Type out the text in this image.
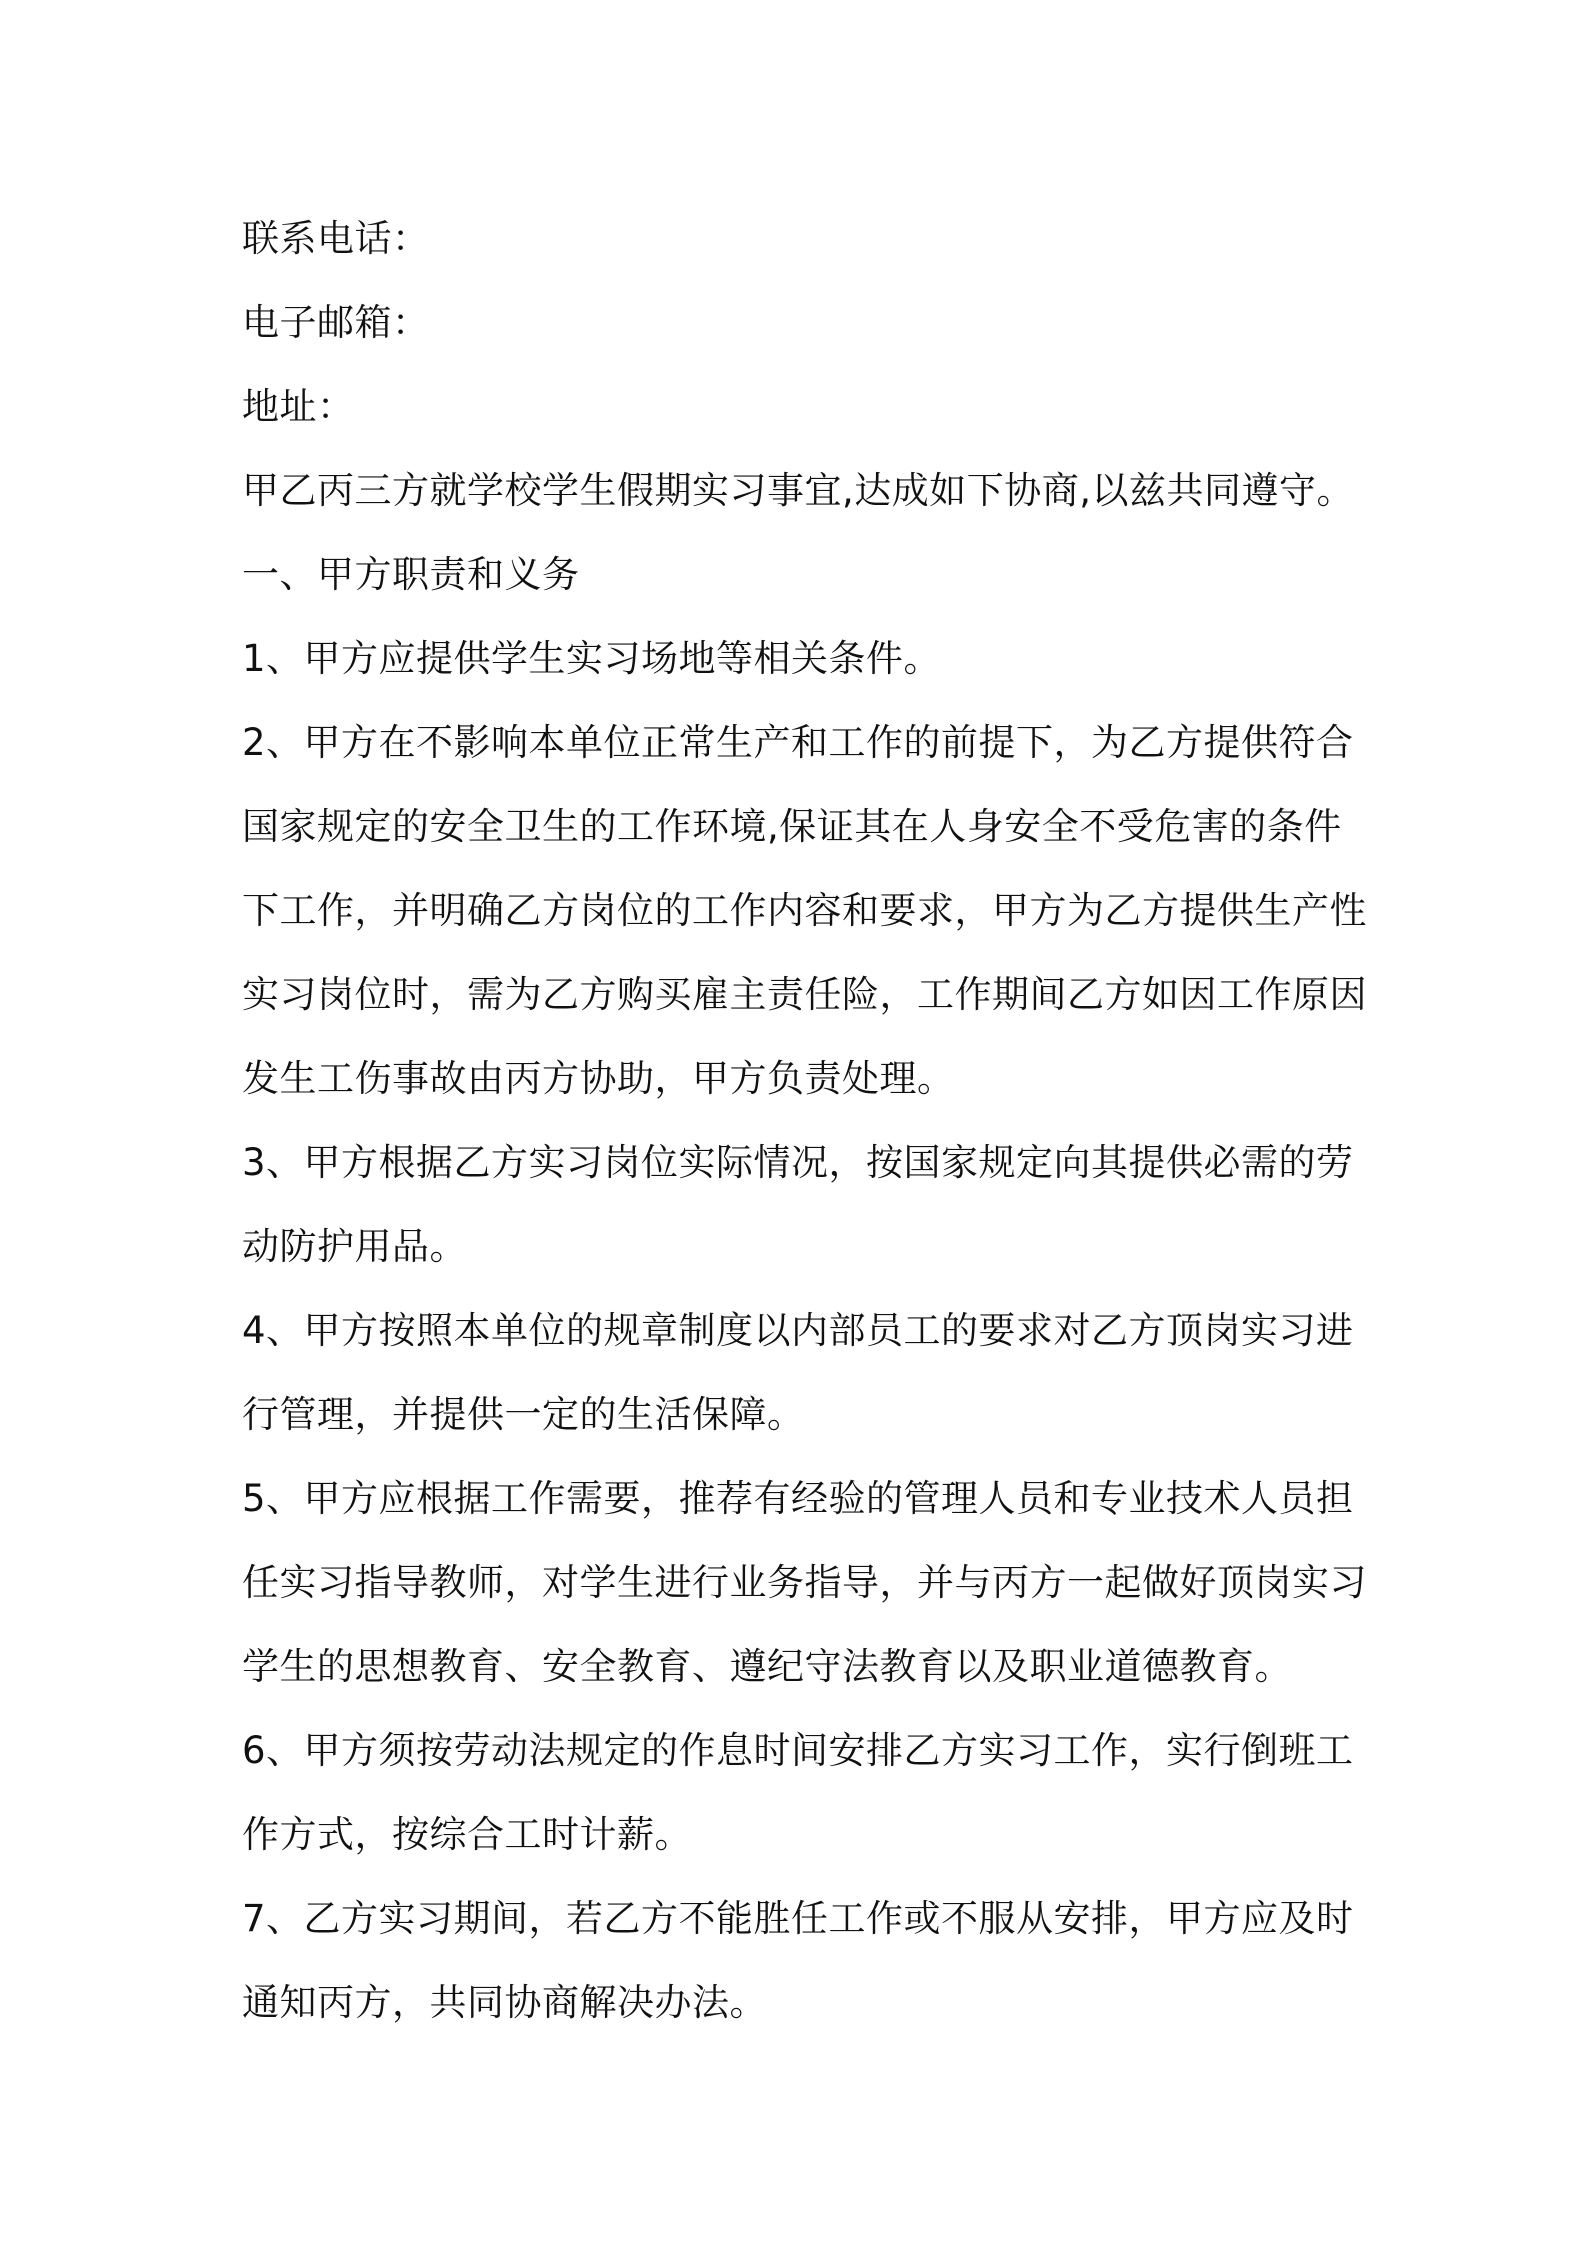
联系电话：

电子邮箱：

地址：

甲乙丙三方就学校学生假期实习事宜,达成如下协商,以兹共同遵守。

一、甲方职责和义务

1、甲方应提供学生实习场地等相关条件。

2、甲方在不影响本单位正常生产和工作的前提下，为乙方提供符合

国家规定的安全卫生的工作环境,保证其在人身安全不受危害的条件

下工作，并明确乙方岗位的工作内容和要求，甲方为乙方提供生产性

实习岗位时，需为乙方购买雇主责任险，工作期间乙方如因工作原因

发生工伤事故由丙方协助，甲方负责处理。

3、甲方根据乙方实习岗位实际情况，按国家规定向其提供必需的劳

动防护用品。

4、甲方按照本单位的规章制度以内部员工的要求对乙方顶岗实习进

行管理，并提供一定的生活保障。

5、甲方应根据工作需要，推荐有经验的管理人员和专业技术人员担

任实习指导教师，对学生进行业务指导，并与丙方一起做好顶岗实习

学生的思想教育、安全教育、遵纪守法教育以及职业道德教育。

6、甲方须按劳动法规定的作息时间安排乙方实习工作，实行倒班工

作方式，按综合工时计薪。

7、乙方实习期间，若乙方不能胜任工作或不服从安排，甲方应及时

通知丙方，共同协商解决办法。
